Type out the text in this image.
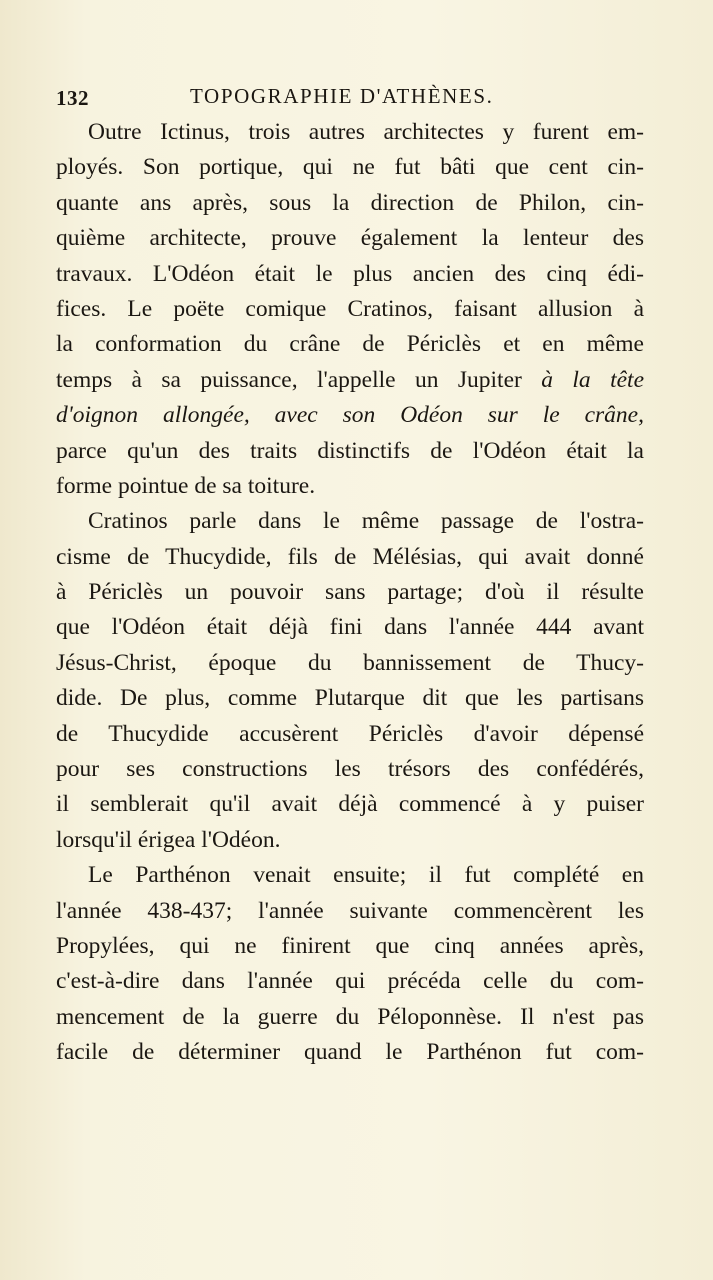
132	TOPOGRAPHIE D'ATHÈNES.
Outre Ictinus, trois autres architectes y furent em-
ployés. Son portique, qui ne fut bâti que cent cin-
quante ans après, sous la direction de Philon, cin-
quième architecte, prouve également la lenteur des
travaux. L'Odéon était le plus ancien des cinq édi-
fices. Le poëte comique Cratinos, faisant allusion à
la conformation du crâne de Périclès et en même
temps à sa puissance, l'appelle un Jupiter à la tête
d'oignon allongée, avec son Odéon sur le crâne,
parce qu'un des traits distinctifs de l'Odéon était la
forme pointue de sa toiture.
Cratinos parle dans le même passage de l'ostra-
cisme de Thucydide, fils de Mélésias, qui avait donné
à Périclès un pouvoir sans partage; d'où il résulte
que l'Odéon était déjà fini dans l'année 444 avant
Jésus-Christ, époque du bannissement de Thucy-
dide. De plus, comme Plutarque dit que les partisans
de Thucydide accusèrent Périclès d'avoir dépensé
pour ses constructions les trésors des confédérés,
il semblerait qu'il avait déjà commencé à y puiser
lorsqu'il érigea l'Odéon.
Le Parthénon venait ensuite; il fut complété en
l'année 438-437; l'année suivante commencèrent les
Propylées, qui ne finirent que cinq années après,
c'est-à-dire dans l'année qui précéda celle du com-
mencement de la guerre du Péloponnèse. Il n'est pas
facile de déterminer quand le Parthénon fut com-
